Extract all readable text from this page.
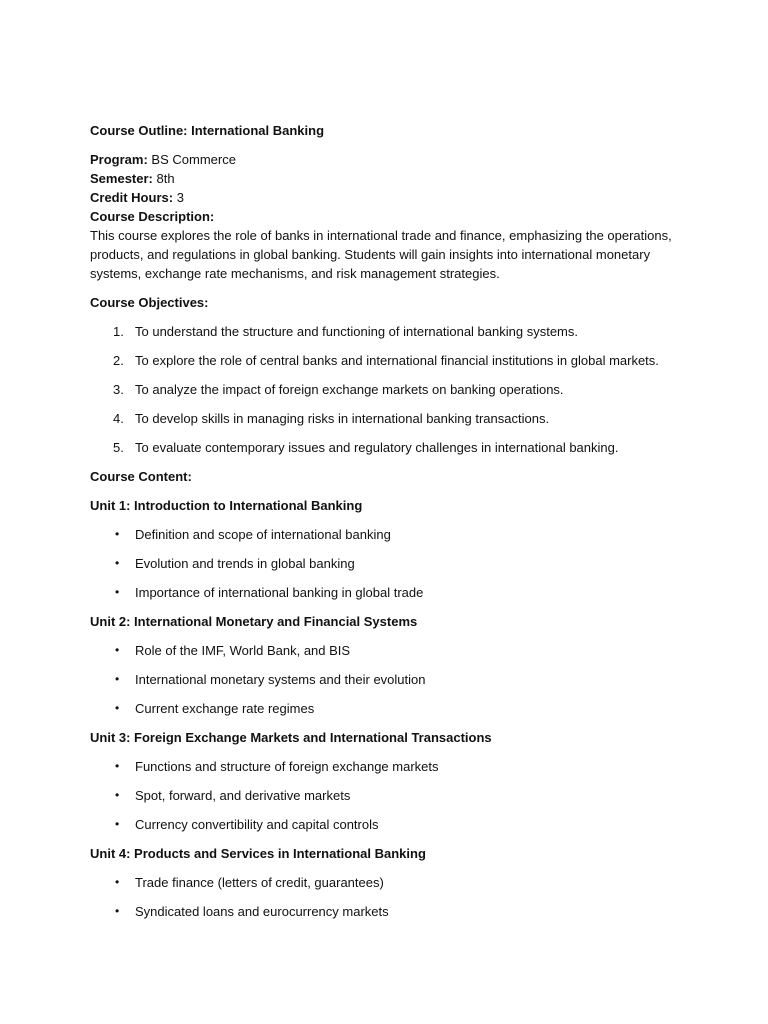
Course Outline: International Banking

Program: BS Commerce

Semester: 8th

Credit Hours: 3

Course Description:

This course explores the role of banks in international trade and finance, emphasizing the operations, products, and regulations in global banking. Students will gain insights into international monetary systems, exchange rate mechanisms, and risk management strategies.

Course Objectives:

1. To understand the structure and functioning of international banking systems.
2. To explore the role of central banks and international financial institutions in global markets.
3. To analyze the impact of foreign exchange markets on banking operations.
4. To develop skills in managing risks in international banking transactions.
5. To evaluate contemporary issues and regulatory challenges in international banking.

Course Content:

Unit 1: Introduction to International Banking

• Definition and scope of international banking
• Evolution and trends in global banking
• Importance of international banking in global trade

Unit 2: International Monetary and Financial Systems

• Role of the IMF, World Bank, and BIS
• International monetary systems and their evolution
• Current exchange rate regimes

Unit 3: Foreign Exchange Markets and International Transactions

• Functions and structure of foreign exchange markets
• Spot, forward, and derivative markets
• Currency convertibility and capital controls

Unit 4: Products and Services in International Banking

• Trade finance (letters of credit, guarantees)
• Syndicated loans and eurocurrency markets
